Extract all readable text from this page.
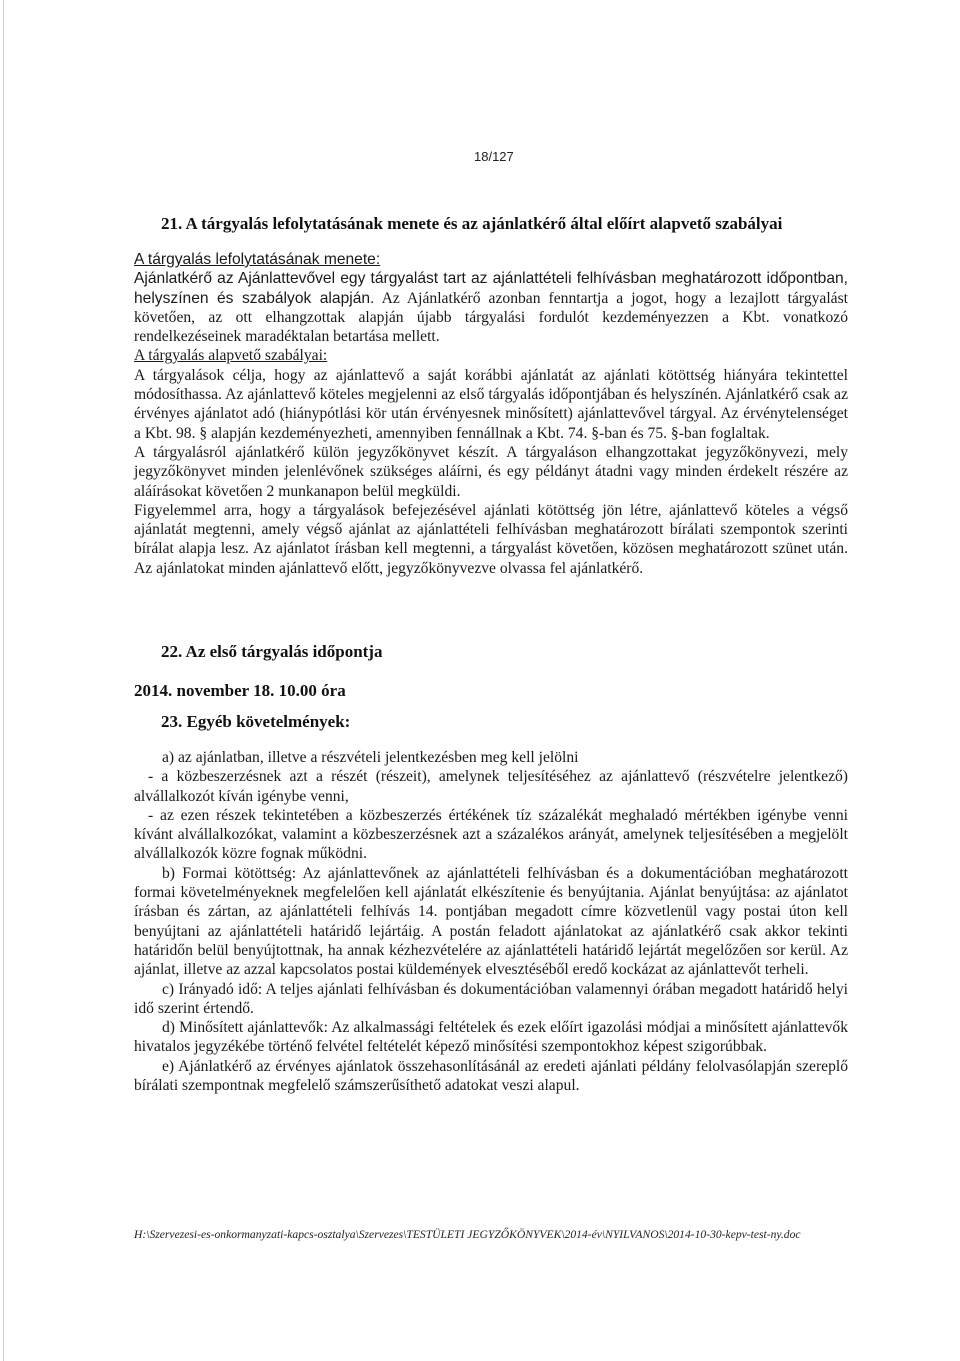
18/127
21. A tárgyalás lefolytatásának menete és az ajánlatkérő által előírt alapvető szabályai

A tárgyalás lefolytatásának menete:

Ajánlatkérő az Ajánlattevővel egy tárgyalást tart az ajánlattételi felhívásban meghatározott időpontban, helyszínen és szabályok alapján. Az Ajánlatkérő azonban fenntartja a jogot, hogy a lezajlott tárgyalást követően, az ott elhangzottak alapján újabb tárgyalási fordulót kezdeményezzen a Kbt. vonatkozó rendelkezéseinek maradéktalan betartása mellett.

A tárgyalás alapvető szabályai:

A tárgyalások célja, hogy az ajánlattevő a saját korábbi ajánlatát az ajánlati kötöttség hiányára tekintettel módosíthassa. Az ajánlattevő köteles megjelenni az első tárgyalás időpontjában és helyszínén. Ajánlatkérő csak az érvényes ajánlatot adó (hiánypótlási kör után érvényesnek minősített) ajánlattevővel tárgyal. Az érvénytelenséget a Kbt. 98. § alapján kezdeményezheti, amennyiben fennállnak a Kbt. 74. §-ban és 75. §-ban foglaltak.

A tárgyalásról ajánlatkérő külön jegyzőkönyvet készít. A tárgyaláson elhangzottakat jegyzőkönyvezi, mely jegyzőkönyvet minden jelenlévőnek szükséges aláírni, és egy példányt átadni vagy minden érdekelt részére az aláírásokat követően 2 munkanapon belül megküldi.

Figyelemmel arra, hogy a tárgyalások befejezésével ajánlati kötöttség jön létre, ajánlattevő köteles a végső ajánlatát megtenni, amely végső ajánlat az ajánlattételi felhívásban meghatározott bírálati szempontok szerinti bírálat alapja lesz. Az ajánlatot írásban kell megtenni, a tárgyalást követően, közösen meghatározott szünet után. Az ajánlatokat minden ajánlattevő előtt, jegyzőkönyvezve olvassa fel ajánlatkérő.

22. Az első tárgyalás időpontja
2014. november 18. 10.00 óra
23. Egyéb követelmények:

a) az ajánlatban, illetve a részvételi jelentkezésben meg kell jelölni

- a közbeszerzésnek azt a részét (részeit), amelynek teljesítéséhez az ajánlattevő (részvételre jelentkező) alvállalkozót kíván igénybe venni,

- az ezen részek tekintetében a közbeszerzés értékének tíz százalékát meghaladó mértékben igénybe venni kívánt alvállalkozókat, valamint a közbeszerzésnek azt a százalékos arányát, amelynek teljesítésében a megjelölt alvállalkozók közre fognak működni.

b) Formai kötöttség: Az ajánlattevőnek az ajánlattételi felhívásban és a dokumentációban meghatározott formai követelményeknek megfelelően kell ajánlatát elkészítenie és benyújtania. Ajánlat benyújtása: az ajánlatot írásban és zártan, az ajánlattételi felhívás 14. pontjában megadott címre közvetlenül vagy postai úton kell benyújtani az ajánlattételi határidő lejártáig. A postán feladott ajánlatokat az ajánlatkérő csak akkor tekinti határidőn belül benyújtottnak, ha annak kézhezvételére az ajánlattételi határidő lejártát megelőzően sor kerül. Az ajánlat, illetve az azzal kapcsolatos postai küldemények elvesztéséből eredő kockázat az ajánlattevőt terheli.

c) Irányadó idő: A teljes ajánlati felhívásban és dokumentációban valamennyi órában megadott határidő helyi idő szerint értendő.

d) Minősített ajánlattevők: Az alkalmassági feltételek és ezek előírt igazolási módjai a minősített ajánlattevők hivatalos jegyzékébe történő felvétel feltételét képező minősítési szempontokhoz képest szigorúbbak.

e) Ajánlatkérő az érvényes ajánlatok összehasonlításánál az eredeti ajánlati példány felolvasólapján szereplő bírálati szempontnak megfelelő számszerűsíthető adatokat veszi alapul.

H:\Szervezesi-es-onkormanyzati-kapcs-osztalya\Szervezes\TESTÜLETI JEGYZŐKÖNYVEK\2014-év\NYILVANOS\2014-10-30-kepv-test-ny.doc
